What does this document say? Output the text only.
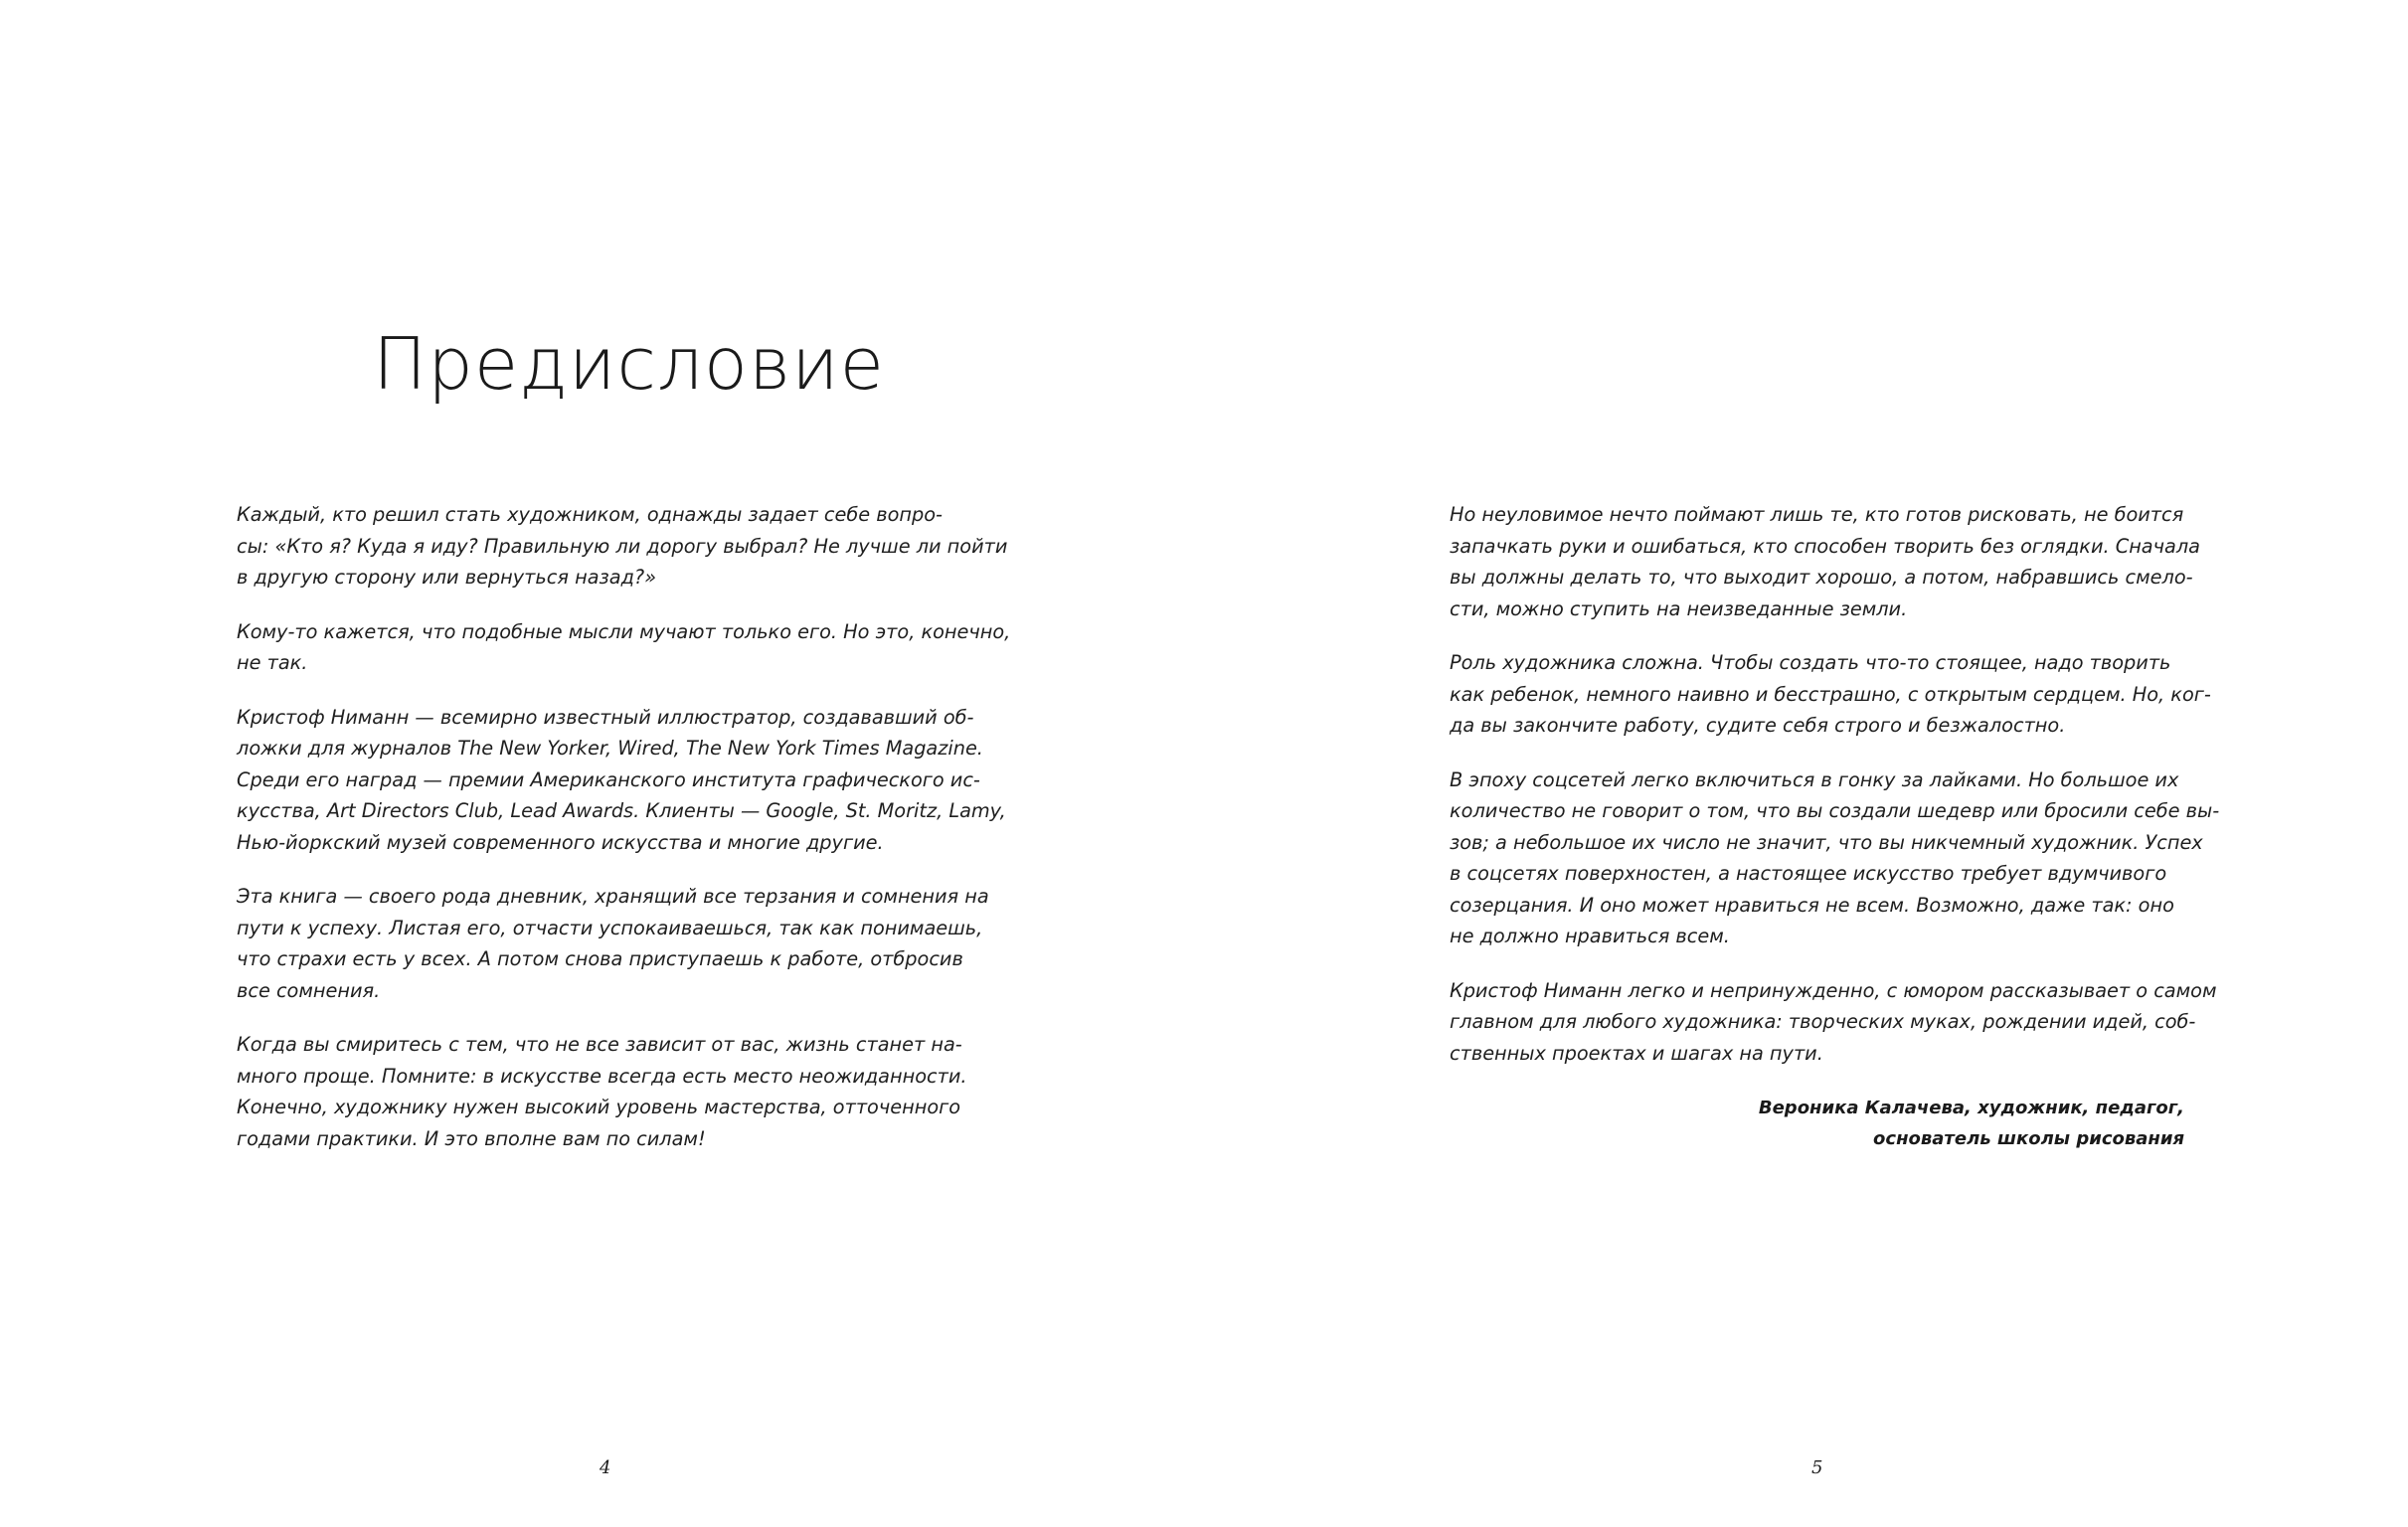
Предисловие

Каждый, кто решил стать художником, однажды задает себе вопро-
сы: «Кто я? Куда я иду? Правильную ли дорогу выбрал? Не лучше ли пойти
в другую сторону или вернуться назад?»

Кому-то кажется, что подобные мысли мучают только его. Но это, конечно,
не так.

Кристоф Ниманн — всемирно известный иллюстратор, создававший об-
ложки для журналов The New Yorker, Wired, The New York Times Magazine.
Среди его наград — премии Американского института графического ис-
кусства, Art Directors Club, Lead Awards. Клиенты — Google, St. Moritz, Lamy,
Нью-йоркский музей современного искусства и многие другие.

Эта книга — своего рода дневник, хранящий все терзания и сомнения на
пути к успеху. Листая его, отчасти успокаиваешься, так как понимаешь,
что страхи есть у всех. А потом снова приступаешь к работе, отбросив
все сомнения.

Когда вы смиритесь с тем, что не все зависит от вас, жизнь станет на-
много проще. Помните: в искусстве всегда есть место неожиданности.
Конечно, художнику нужен высокий уровень мастерства, отточенного
годами практики. И это вполне вам по силам!

4

Но неуловимое нечто поймают лишь те, кто готов рисковать, не боится
запачкать руки и ошибаться, кто способен творить без оглядки. Сначала
вы должны делать то, что выходит хорошо, а потом, набравшись смело-
сти, можно ступить на неизведанные земли.

Роль художника сложна. Чтобы создать что-то стоящее, надо творить
как ребенок, немного наивно и бесстрашно, с открытым сердцем. Но, ког-
да вы закончите работу, судите себя строго и безжалостно.

В эпоху соцсетей легко включиться в гонку за лайками. Но большое их
количество не говорит о том, что вы создали шедевр или бросили себе вы-
зов; а небольшое их число не значит, что вы никчемный художник. Успех
в соцсетях поверхностен, а настоящее искусство требует вдумчивого
созерцания. И оно может нравиться не всем. Возможно, даже так: оно
не должно нравиться всем.

Кристоф Ниманн легко и непринужденно, с юмором рассказывает о самом
главном для любого художника: творческих муках, рождении идей, соб-
ственных проектах и шагах на пути.

Вероника Калачева, художник, педагог,
основатель школы рисования
5
